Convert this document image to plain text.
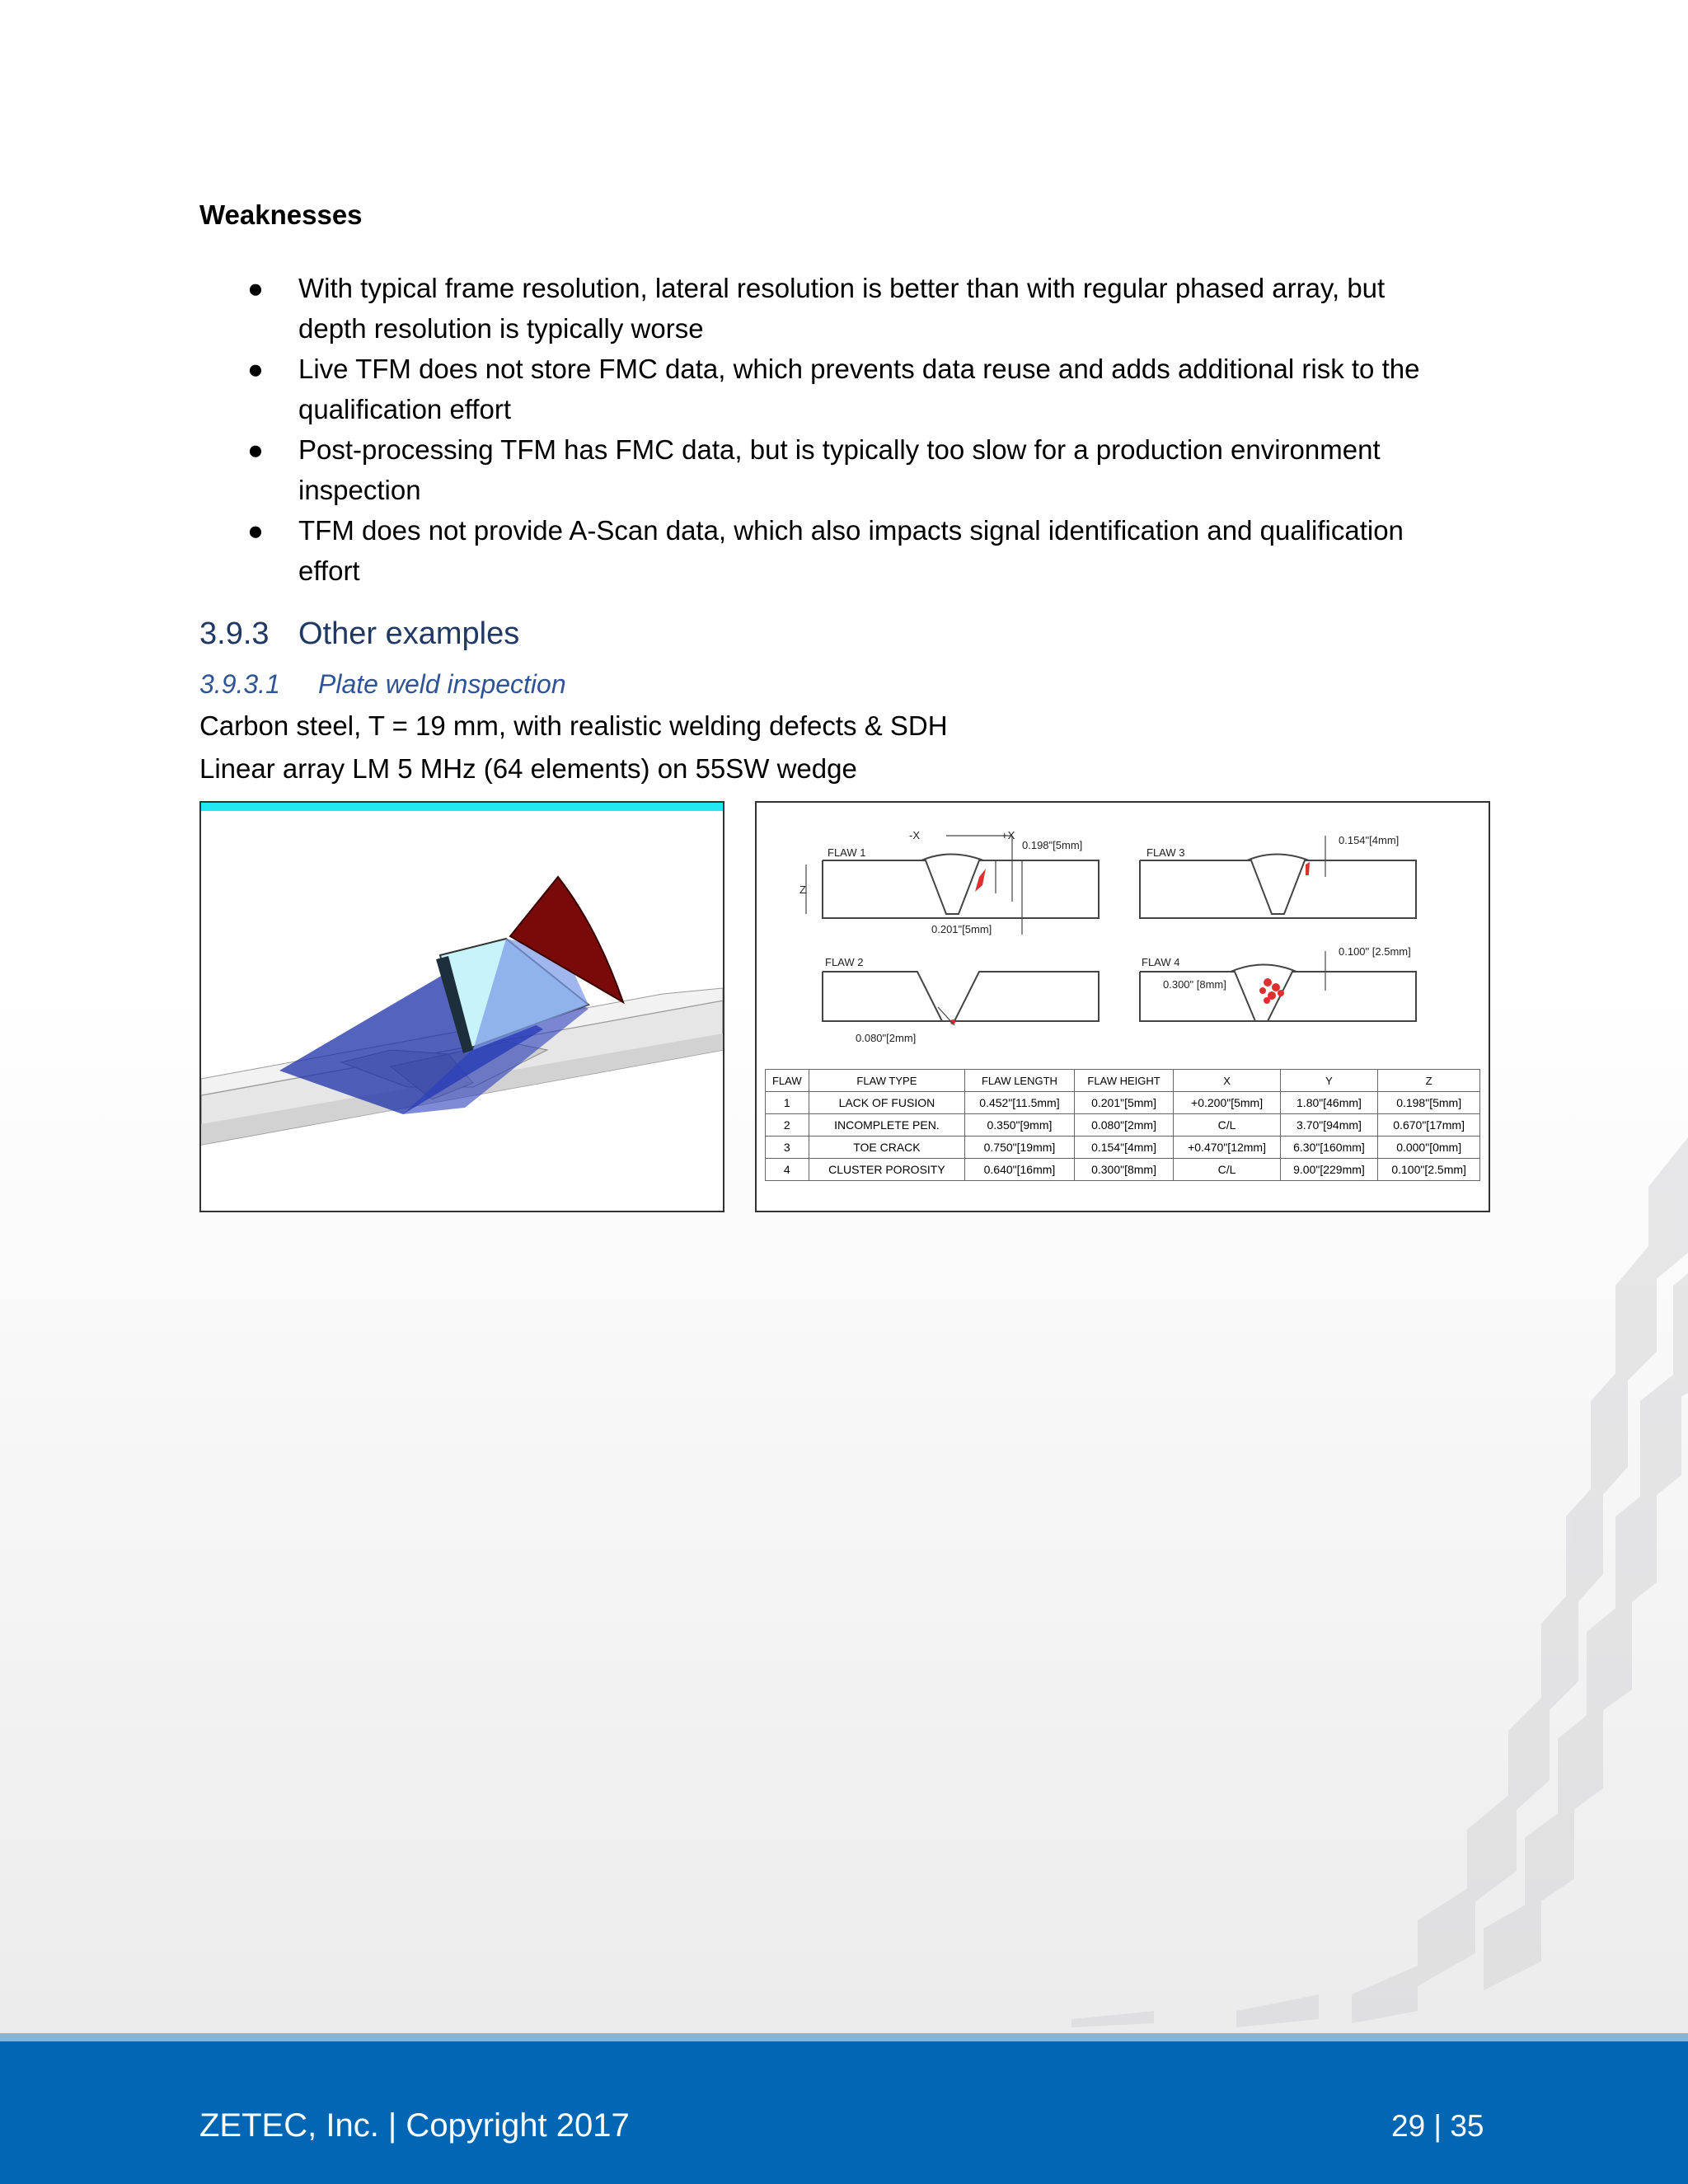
Weaknesses
● With typical frame resolution, lateral resolution is better than with regular phased array, but
depth resolution is typically worse
● Live TFM does not store FMC data, which prevents data reuse and adds additional risk to the
qualification effort
● Post-processing TFM has FMC data, but is typically too slow for a production environment
inspection
● TFM does not provide A-Scan data, which also impacts signal identification and qualification
effort
3.9.3 Other examples
3.9.3.1 Plate weld inspection
Carbon steel, T = 19 mm, with realistic welding defects & SDH
Linear array LM 5 MHz (64 elements) on 55SW wedge
FLAW 1	FLAW 3
FLAW 2	FLAW 4
-X	+X
Z
0.198"[5mm]
0.201"[5mm]
0.154"[4mm]
0.100" [2.5mm]
0.300" [8mm]
0.080"[2mm]
FLAW	FLAW TYPE	FLAW LENGTH	FLAW HEIGHT	X	Y	Z
1	LACK OF FUSION	0.452"[11.5mm]	0.201"[5mm]	+0.200"[5mm]	1.80"[46mm]	0.198"[5mm]
2	INCOMPLETE PEN.	0.350"[9mm]	0.080"[2mm]	C/L	3.70"[94mm]	0.670"[17mm]
3	TOE CRACK	0.750"[19mm]	0.154"[4mm]	+0.470"[12mm]	6.30"[160mm]	0.000"[0mm]
4	CLUSTER POROSITY	0.640"[16mm]	0.300"[8mm]	C/L	9.00"[229mm]	0.100"[2.5mm]
ZETEC, Inc. | Copyright 2017	29 | 35
